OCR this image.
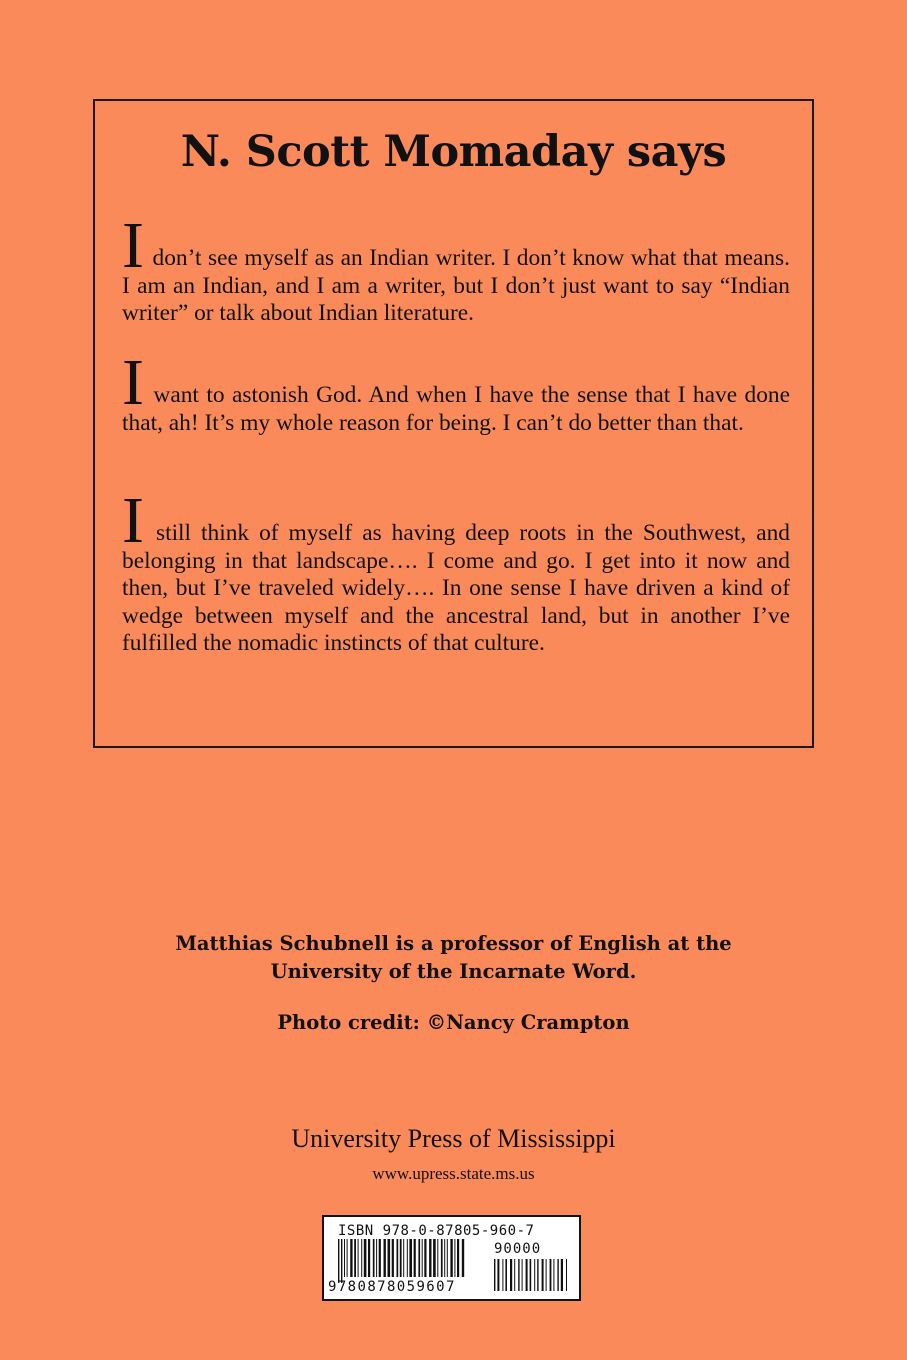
N. Scott Momaday says

I don’t see myself as an Indian writer. I don’t know what that means. I am an Indian, and I am a writer, but I don’t just want to say “Indian writer” or talk about Indian literature.

I want to astonish God. And when I have the sense that I have done that, ah! It’s my whole reason for being. I can’t do better than that.

I still think of myself as having deep roots in the Southwest, and belonging in that landscape…. I come and go. I get into it now and then, but I’ve traveled widely…. In one sense I have driven a kind of wedge between myself and the ancestral land, but in another I’ve fulfilled the nomadic instincts of that culture.

Matthias Schubnell is a professor of English at the
University of the Incarnate Word.

Photo credit: ©Nancy Crampton

University Press of Mississippi

www.upress.state.ms.us

ISBN 978-0-87805-960-7

90000

9780878059607
